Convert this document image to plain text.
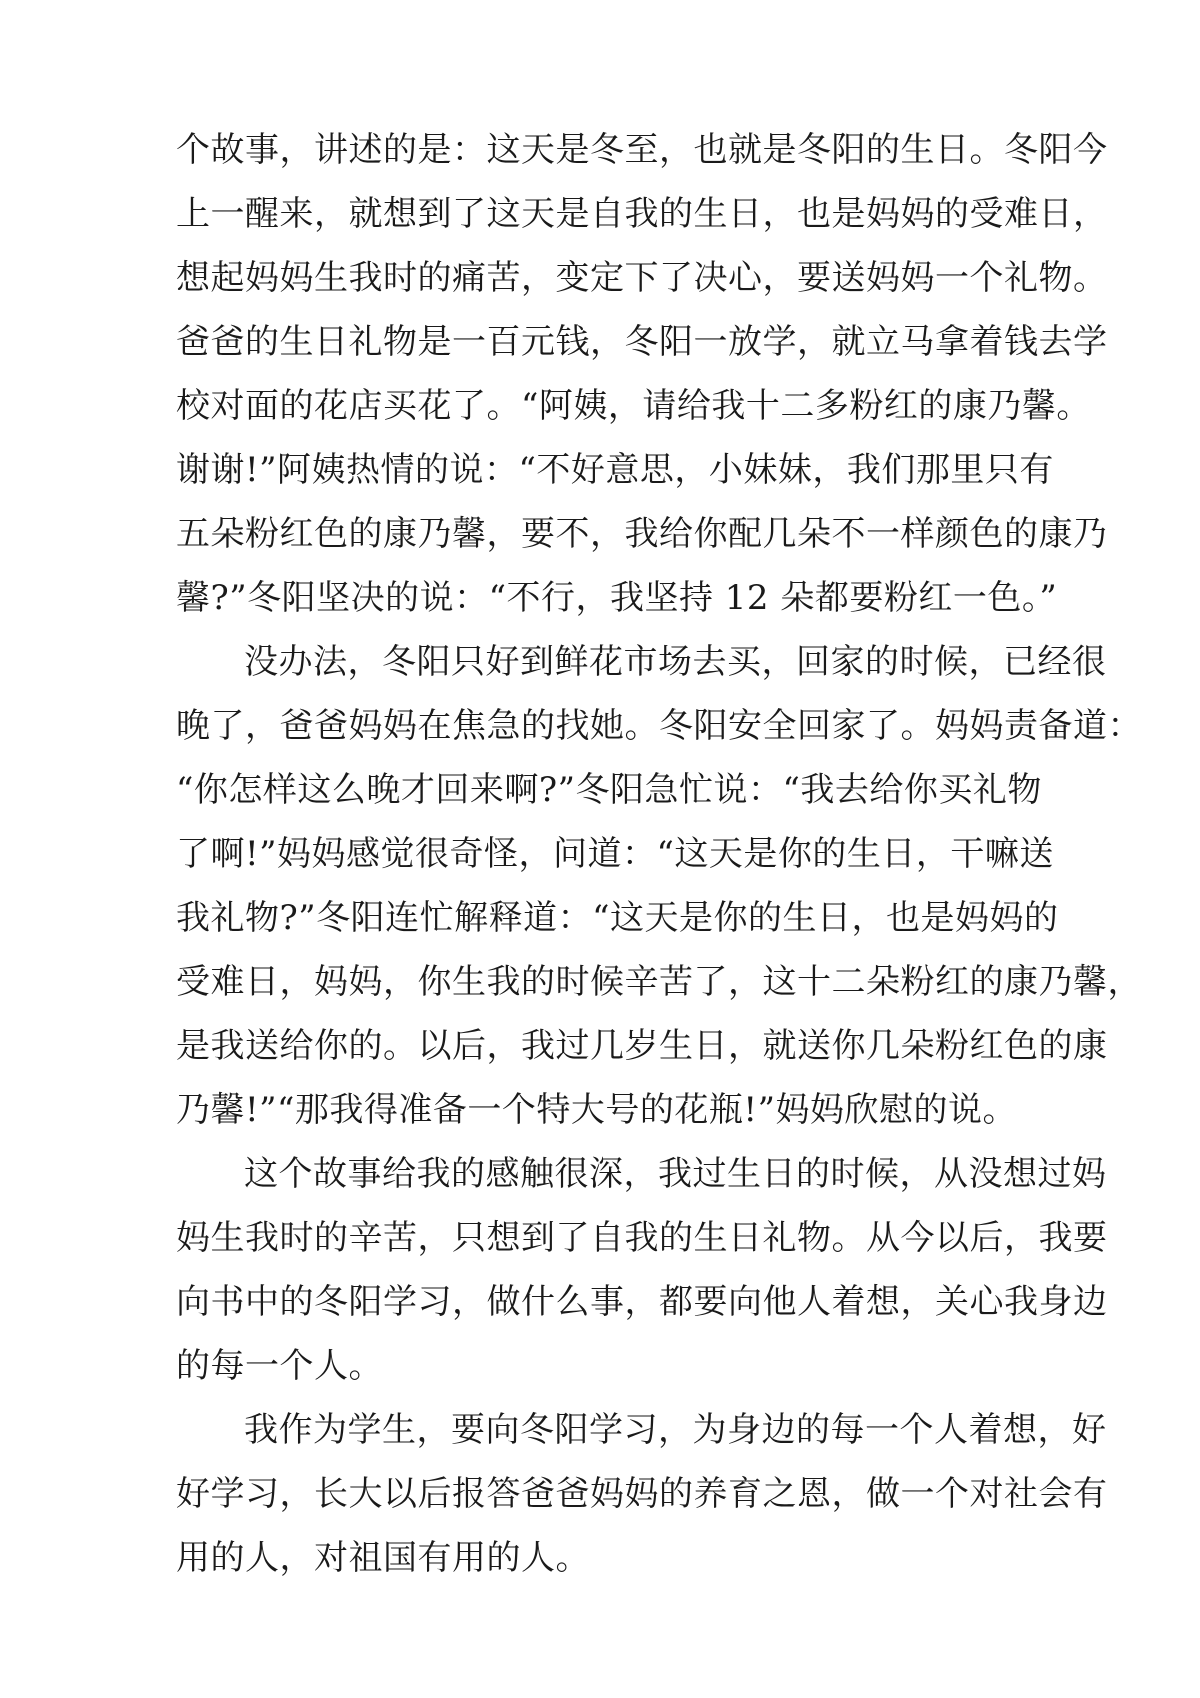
个故事，讲述的是：这天是冬至，也就是冬阳的生日。冬阳今
上一醒来，就想到了这天是自我的生日，也是妈妈的受难日，
想起妈妈生我时的痛苦，变定下了决心，要送妈妈一个礼物。
爸爸的生日礼物是一百元钱，冬阳一放学，就立马拿着钱去学
校对面的花店买花了。“阿姨，请给我十二多粉红的康乃馨。
谢谢!”阿姨热情的说：“不好意思，小妹妹，我们那里只有
五朵粉红色的康乃馨，要不，我给你配几朵不一样颜色的康乃
馨?”冬阳坚决的说：“不行，我坚持 12 朵都要粉红一色。”
没办法，冬阳只好到鲜花市场去买，回家的时候，已经很
晚了，爸爸妈妈在焦急的找她。冬阳安全回家了。妈妈责备道：
“你怎样这么晚才回来啊?”冬阳急忙说：“我去给你买礼物
了啊!”妈妈感觉很奇怪，问道：“这天是你的生日，干嘛送
我礼物?”冬阳连忙解释道：“这天是你的生日，也是妈妈的
受难日，妈妈，你生我的时候辛苦了，这十二朵粉红的康乃馨，
是我送给你的。以后，我过几岁生日，就送你几朵粉红色的康
乃馨!”“那我得准备一个特大号的花瓶!”妈妈欣慰的说。
这个故事给我的感触很深，我过生日的时候，从没想过妈
妈生我时的辛苦，只想到了自我的生日礼物。从今以后，我要
向书中的冬阳学习，做什么事，都要向他人着想，关心我身边
的每一个人。
我作为学生，要向冬阳学习，为身边的每一个人着想，好
好学习，长大以后报答爸爸妈妈的养育之恩，做一个对社会有
用的人，对祖国有用的人。
